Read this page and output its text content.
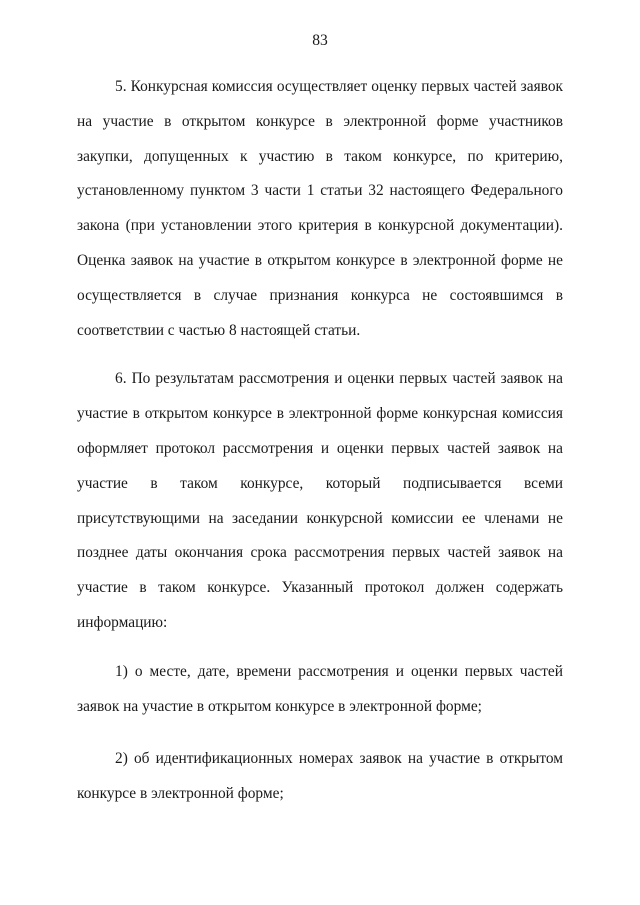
83

5. Конкурсная комиссия осуществляет оценку первых частей заявок на участие в открытом конкурсе в электронной форме участников закупки, допущенных к участию в таком конкурсе, по критерию, установленному пунктом 3 части 1 статьи 32 настоящего Федерального закона (при установлении этого критерия в конкурсной документации). Оценка заявок на участие в открытом конкурсе в электронной форме не осуществляется в случае признания конкурса не состоявшимся в соответствии с частью 8 настоящей статьи.

6. По результатам рассмотрения и оценки первых частей заявок на участие в открытом конкурсе в электронной форме конкурсная комиссия оформляет протокол рассмотрения и оценки первых частей заявок на участие в таком конкурсе, который подписывается всеми присутствующими на заседании конкурсной комиссии ее членами не позднее даты окончания срока рассмотрения первых частей заявок на участие в таком конкурсе. Указанный протокол должен содержать информацию:

1) о месте, дате, времени рассмотрения и оценки первых частей заявок на участие в открытом конкурсе в электронной форме;

2) об идентификационных номерах заявок на участие в открытом конкурсе в электронной форме;
